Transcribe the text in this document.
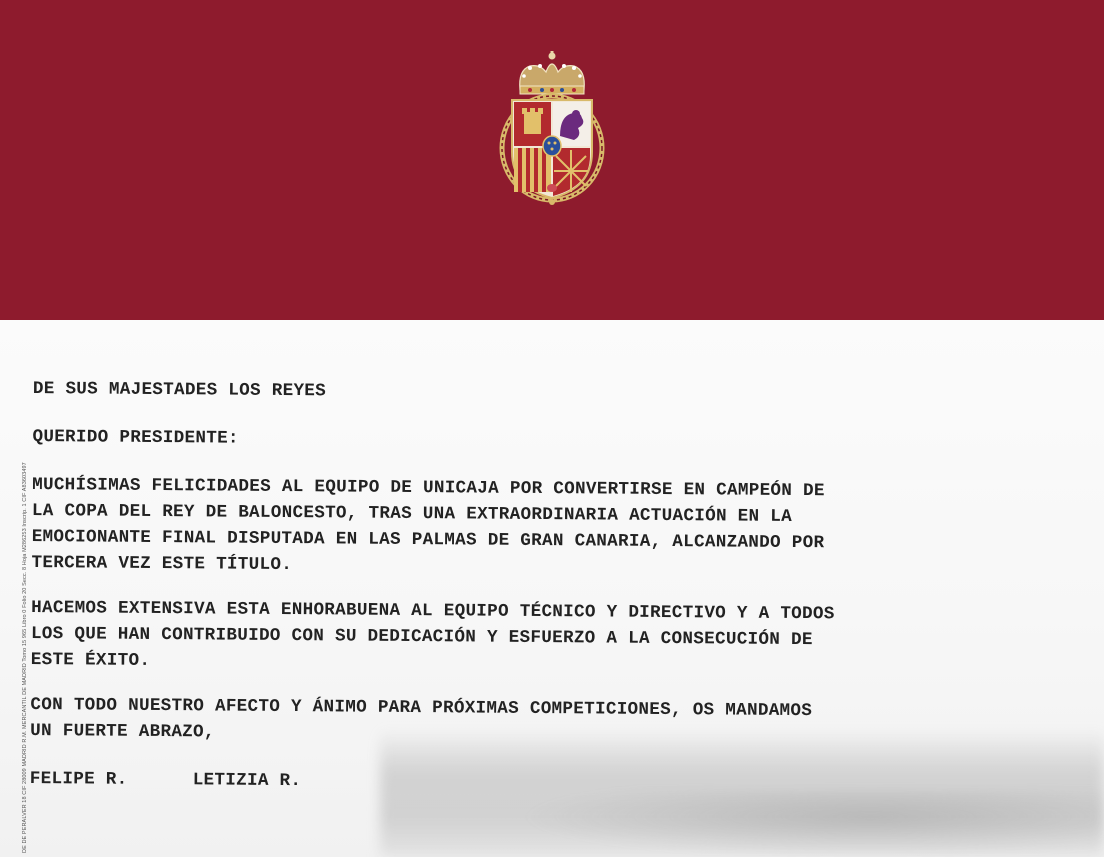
DE DE PERALVER 18 CIF 28009 MADRID R.M. MERCANTIL DE MADRID Tomo 15 965 Libro 0 Folio 20 Secc. 8 Hoja M286253 Inscrip. 1 CIF A83603497

DE SUS MAJESTADES LOS REYES

QUERIDO PRESIDENTE:

MUCHÍSIMAS FELICIDADES AL EQUIPO DE UNICAJA POR CONVERTIRSE EN CAMPEÓN DE

LA COPA DEL REY DE BALONCESTO, TRAS UNA EXTRAORDINARIA ACTUACIÓN EN LA

EMOCIONANTE FINAL DISPUTADA EN LAS PALMAS DE GRAN CANARIA, ALCANZANDO POR

TERCERA VEZ ESTE TÍTULO.

HACEMOS EXTENSIVA ESTA ENHORABUENA AL EQUIPO TÉCNICO Y DIRECTIVO Y A TODOS

LOS QUE HAN CONTRIBUIDO CON SU DEDICACIÓN Y ESFUERZO A LA CONSECUCIÓN DE

ESTE ÉXITO.

CON TODO NUESTRO AFECTO Y ÁNIMO PARA PRÓXIMAS COMPETICIONES, OS MANDAMOS

UN FUERTE ABRAZO,

FELIPE R.	LETIZIA R.
